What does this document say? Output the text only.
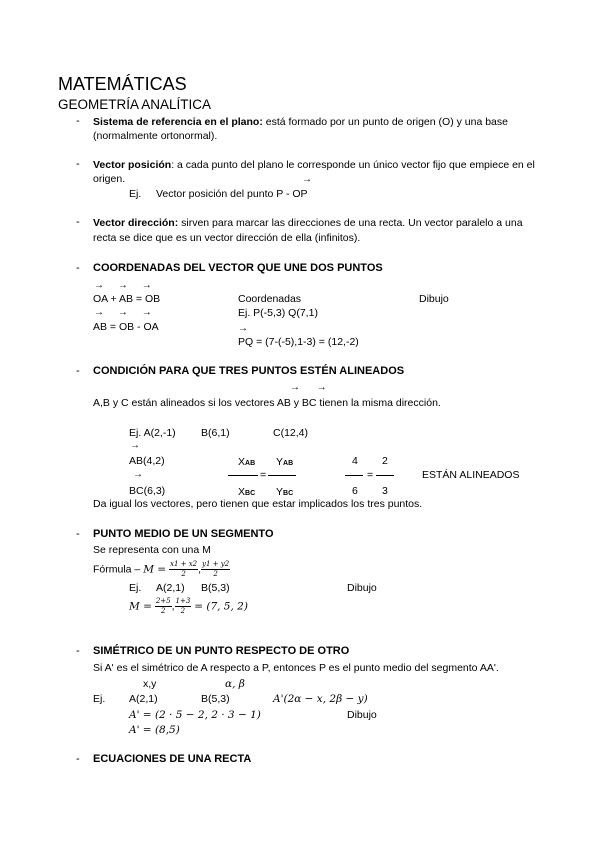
MATEMÁTICAS
GEOMETRÍA ANALÍTICA
- Sistema de referencia en el plano: está formado por un punto de origen (O) y una base
(normalmente ortonormal).
- Vector posición: a cada punto del plano le corresponde un único vector fijo que empiece en el
origen.	→
Ej. Vector posición del punto P - OP
- Vector dirección: sirven para marcar las direcciones de una recta. Un vector paralelo a una
recta se dice que es un vector dirección de ella (infinitos).
- COORDENADAS DEL VECTOR QUE UNE DOS PUNTOS
→     →     →
OA + AB = OB	Coordenadas	Dibujo
→     →     →	Ej. P(-5,3) Q(7,1)
AB = OB - OA	→
PQ = (7-(-5),1-3) = (12,-2)
- CONDICIÓN PARA QUE TRES PUNTOS ESTÉN ALINEADOS
→      →
A,B y C están alineados si los vectores AB y BC tienen la misma dirección.
Ej. A(2,-1) B(6,1)	C(12,4)
→
AB(4,2)
→
BC(6,3)
XAB YAB
=
XBC YBC
4 2
=
6 3
ESTÁN ALINEADOS
Da igual los vectores, pero tienen que estar implicados los tres puntos.
- PUNTO MEDIO DE UN SEGMENTO
Se representa con una M
Fórmula – $M = \frac{x1 + x2}{2}$ , $\frac{y1 + y2}{2}$
Ej. A(2,1) B(5,3)	Dibujo
$M = \frac{2+5}{2}$ , $\frac{1+3}{2} = (7$, 5, 2)
- SIMÉTRICO DE UN PUNTO RESPECTO DE OTRO
Si A' es el simétrico de A respecto a P, entonces P es el punto medio del segmento AA'.
x,y	α, β
Ej. A(2,1)	B(5,3)	A'(2α − x, 2β − y)
A' = (2 · 5 − 2, 2 · 3 − 1)	Dibujo
A' = (8,5)
- ECUACIONES DE UNA RECTA
